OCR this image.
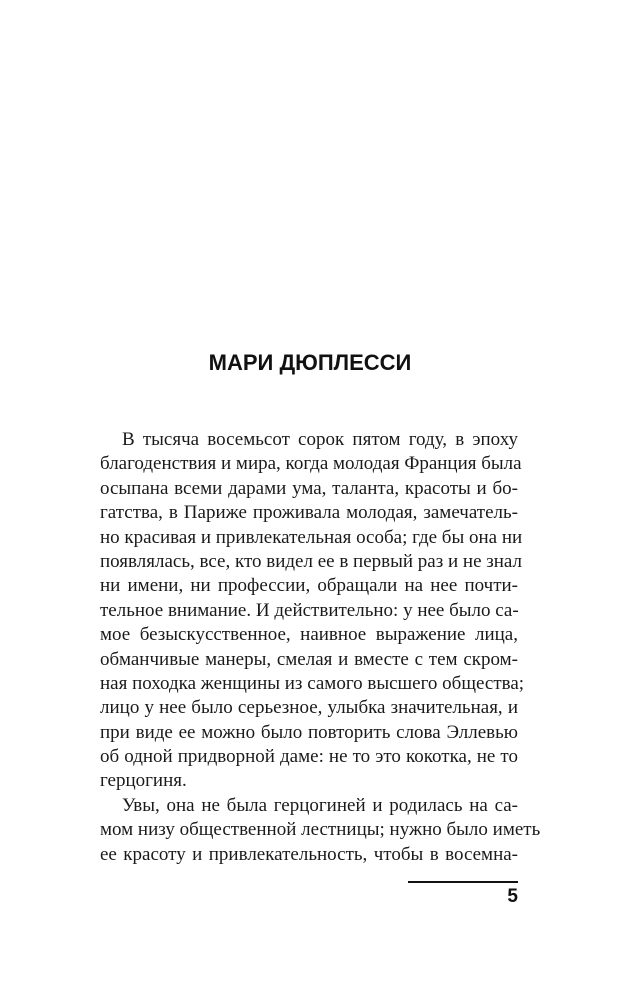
МАРИ ДЮПЛЕССИ
В тысяча восемьсот сорок пятом году, в эпоху
благоденствия и мира, когда молодая Франция была
осыпана всеми дарами ума, таланта, красоты и бо-
гатства, в Париже проживала молодая, замечатель-
но красивая и привлекательная особа; где бы она ни
появлялась, все, кто видел ее в первый раз и не знал
ни имени, ни профессии, обращали на нее почти-
тельное внимание. И действительно: у нее было са-
мое безыскусственное, наивное выражение лица,
обманчивые манеры, смелая и вместе с тем скром-
ная походка женщины из самого высшего общества;
лицо у нее было серьезное, улыбка значительная, и
при виде ее можно было повторить слова Эллевью
об одной придворной даме: не то это кокотка, не то
герцогиня.
Увы, она не была герцогиней и родилась на са-
мом низу общественной лестницы; нужно было иметь
ее красоту и привлекательность, чтобы в восемна-
5
